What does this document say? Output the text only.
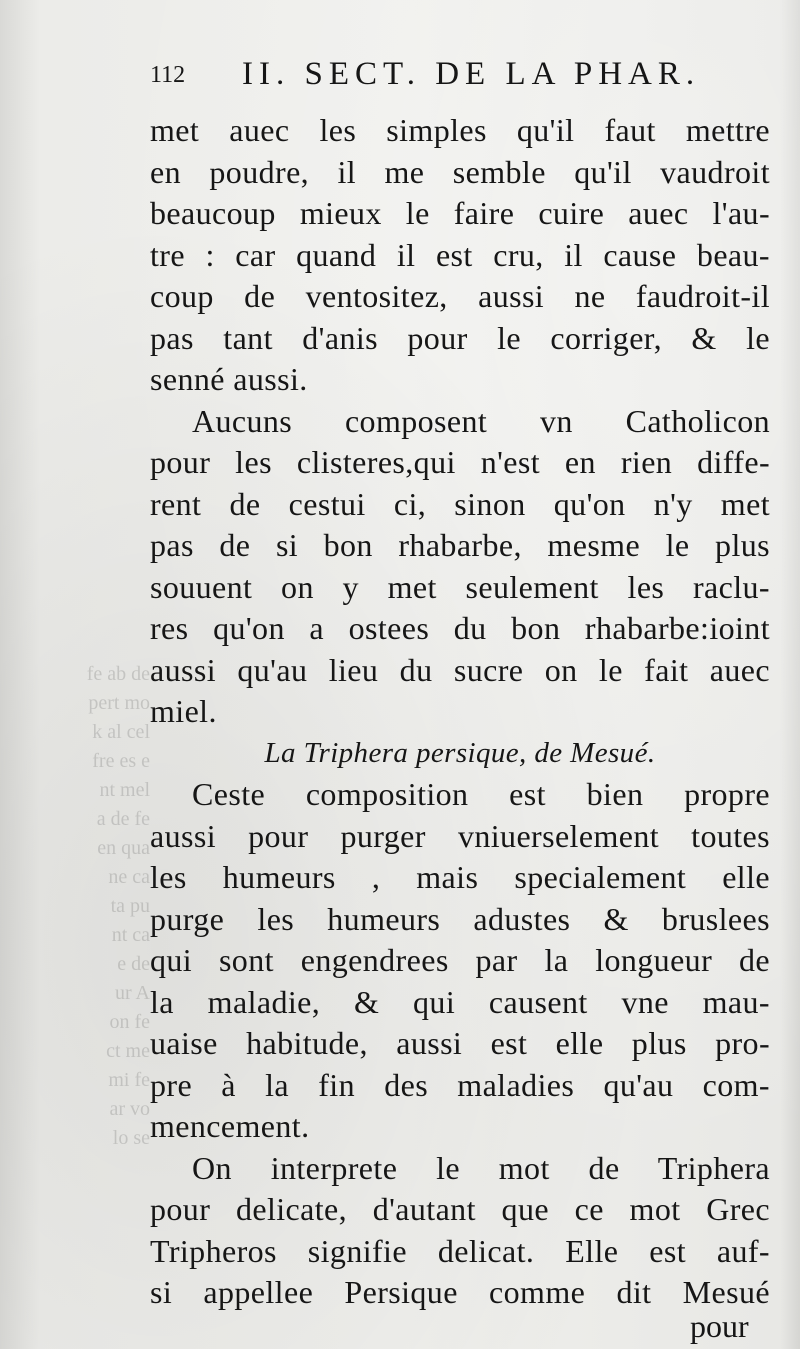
fe ab de
pert mo
k al cel
fre es e
nt mel
a de fe
en qua
ne ca
ta pu
nt ca
e de
ur A
on fe
ct me
mi fe
ar vo
lo se
112 II. SECT. DE LA PHAR.
met auec les simples qu'il faut mettre
en poudre, il me semble qu'il vaudroit
beaucoup mieux le faire cuire auec l'au-
tre : car quand il est cru, il cause beau-
coup de ventositez, aussi ne faudroit-il
pas tant d'anis pour le corriger, & le
senné aussi.
Aucuns composent vn Catholicon
pour les clisteres,qui n'est en rien diffe-
rent de cestui ci, sinon qu'on n'y met
pas de si bon rhabarbe, mesme le plus
souuent on y met seulement les raclu-
res qu'on a ostees du bon rhabarbe:ioint
aussi qu'au lieu du sucre on le fait auec
miel.
La Triphera persique, de Mesué.
Ceste composition est bien propre
aussi pour purger vniuerselement toutes
les humeurs , mais specialement elle
purge les humeurs adustes & bruslees
qui sont engendrees par la longueur de
la maladie, & qui causent vne mau-
uaise habitude, aussi est elle plus pro-
pre à la fin des maladies qu'au com-
mencement.
On interprete le mot de Triphera
pour delicate, d'autant que ce mot Grec
Tripheros signifie delicat. Elle est auf-
si appellee Persique comme dit Mesué
pour
